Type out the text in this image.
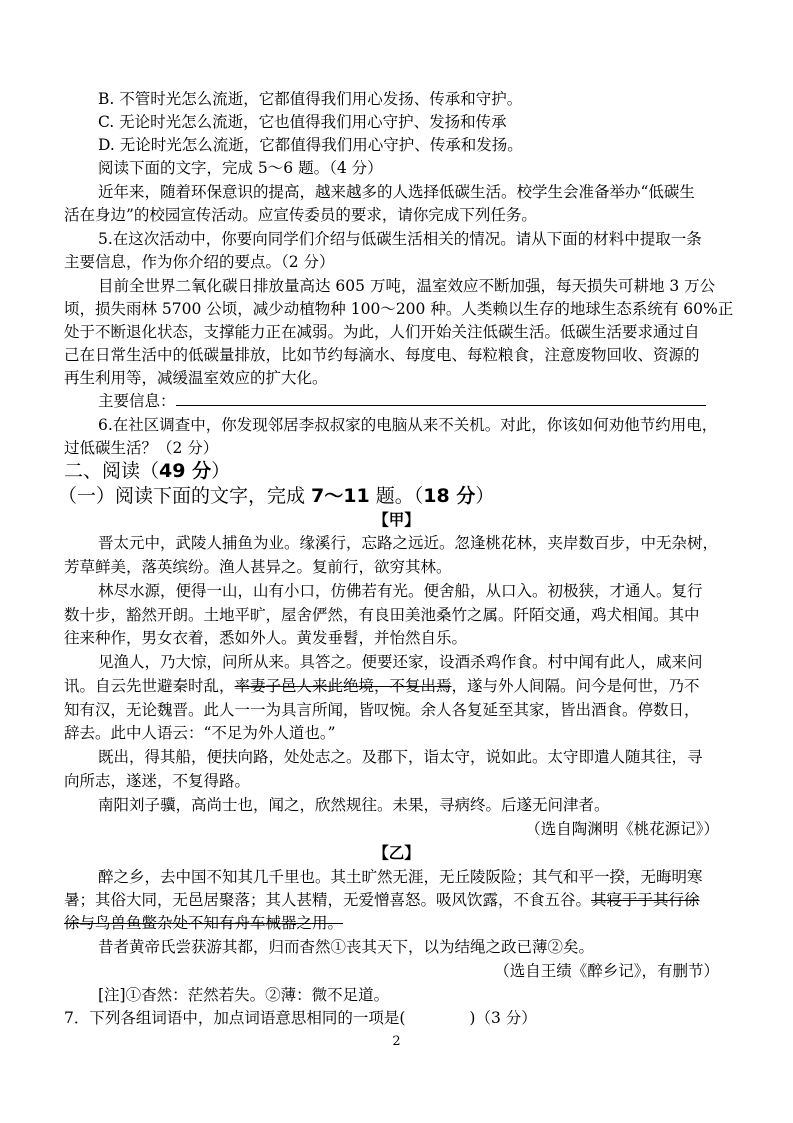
B. 不管时光怎么流逝，它都值得我们用心发扬、传承和守护。
C. 无论时光怎么流逝，它也值得我们用心守护、发扬和传承
D. 无论时光怎么流逝，它都值得我们用心守护、传承和发扬。
阅读下面的文字，完成 5～6 题。（4 分）
近年来，随着环保意识的提高，越来越多的人选择低碳生活。校学生会准备举办“低碳生
活在身边”的校园宣传活动。应宣传委员的要求，请你完成下列任务。
5.在这次活动中，你要向同学们介绍与低碳生活相关的情况。请从下面的材料中提取一条
主要信息，作为你介绍的要点。（2 分）
目前全世界二氧化碳日排放量高达 605 万吨，温室效应不断加强，每天损失可耕地 3 万公
顷，损失雨林 5700 公顷，减少动植物种 100～200 种。人类赖以生存的地球生态系统有 60%正
处于不断退化状态，支撑能力正在减弱。为此，人们开始关注低碳生活。低碳生活要求通过自
己在日常生活中的低碳量排放，比如节约每滴水、每度电、每粒粮食，注意废物回收、资源的
再生利用等，减缓温室效应的扩大化。
主要信息：
6.在社区调查中，你发现邻居李叔叔家的电脑从来不关机。对此，你该如何劝他节约用电，
过低碳生活？（2 分）
二、阅读（49 分）
（一）阅读下面的文字，完成 7～11 题。（18 分）
【甲】
晋太元中，武陵人捕鱼为业。缘溪行，忘路之远近。忽逢桃花林，夹岸数百步，中无杂树，
芳草鲜美，落英缤纷。渔人甚异之。复前行，欲穷其林。
林尽水源，便得一山，山有小口，仿佛若有光。便舍船，从口入。初极狭，才通人。复行
数十步，豁然开朗。土地平旷，屋舍俨然，有良田美池桑竹之属。阡陌交通，鸡犬相闻。其中
往来种作，男女衣着，悉如外人。黄发垂髫，并怡然自乐。
见渔人，乃大惊，问所从来。具答之。便要还家，设酒杀鸡作食。村中闻有此人，咸来问
讯。自云先世避秦时乱，率妻子邑人来此绝境，不复出焉，遂与外人间隔。问今是何世，乃不
知有汉，无论魏晋。此人一一为具言所闻，皆叹惋。余人各复延至其家，皆出酒食。停数日，
辞去。此中人语云：“不足为外人道也。”
既出，得其船，便扶向路，处处志之。及郡下，诣太守，说如此。太守即遣人随其往，寻
向所志，遂迷，不复得路。
南阳刘子骥，高尚士也，闻之，欣然规往。未果，寻病终。后遂无问津者。
（选自陶渊明《桃花源记》）
【乙】
醉之乡，去中国不知其几千里也。其土旷然无涯，无丘陵阪险；其气和平一揆，无晦明寒
暑；其俗大同，无邑居聚落；其人甚精，无爱憎喜怒。吸风饮露，不食五谷。其寝于于其行徐
徐与鸟兽鱼鳖杂处不知有舟车械器之用。
昔者黄帝氏尝获游其都，归而杳然①丧其天下，以为结绳之政已薄②矣。
（选自王绩《醉乡记》，有删节）
[注]①杳然：茫然若失。②薄：微不足道。
7．下列各组词语中，加点词语意思相同的一项是(	)（3 分）
2
